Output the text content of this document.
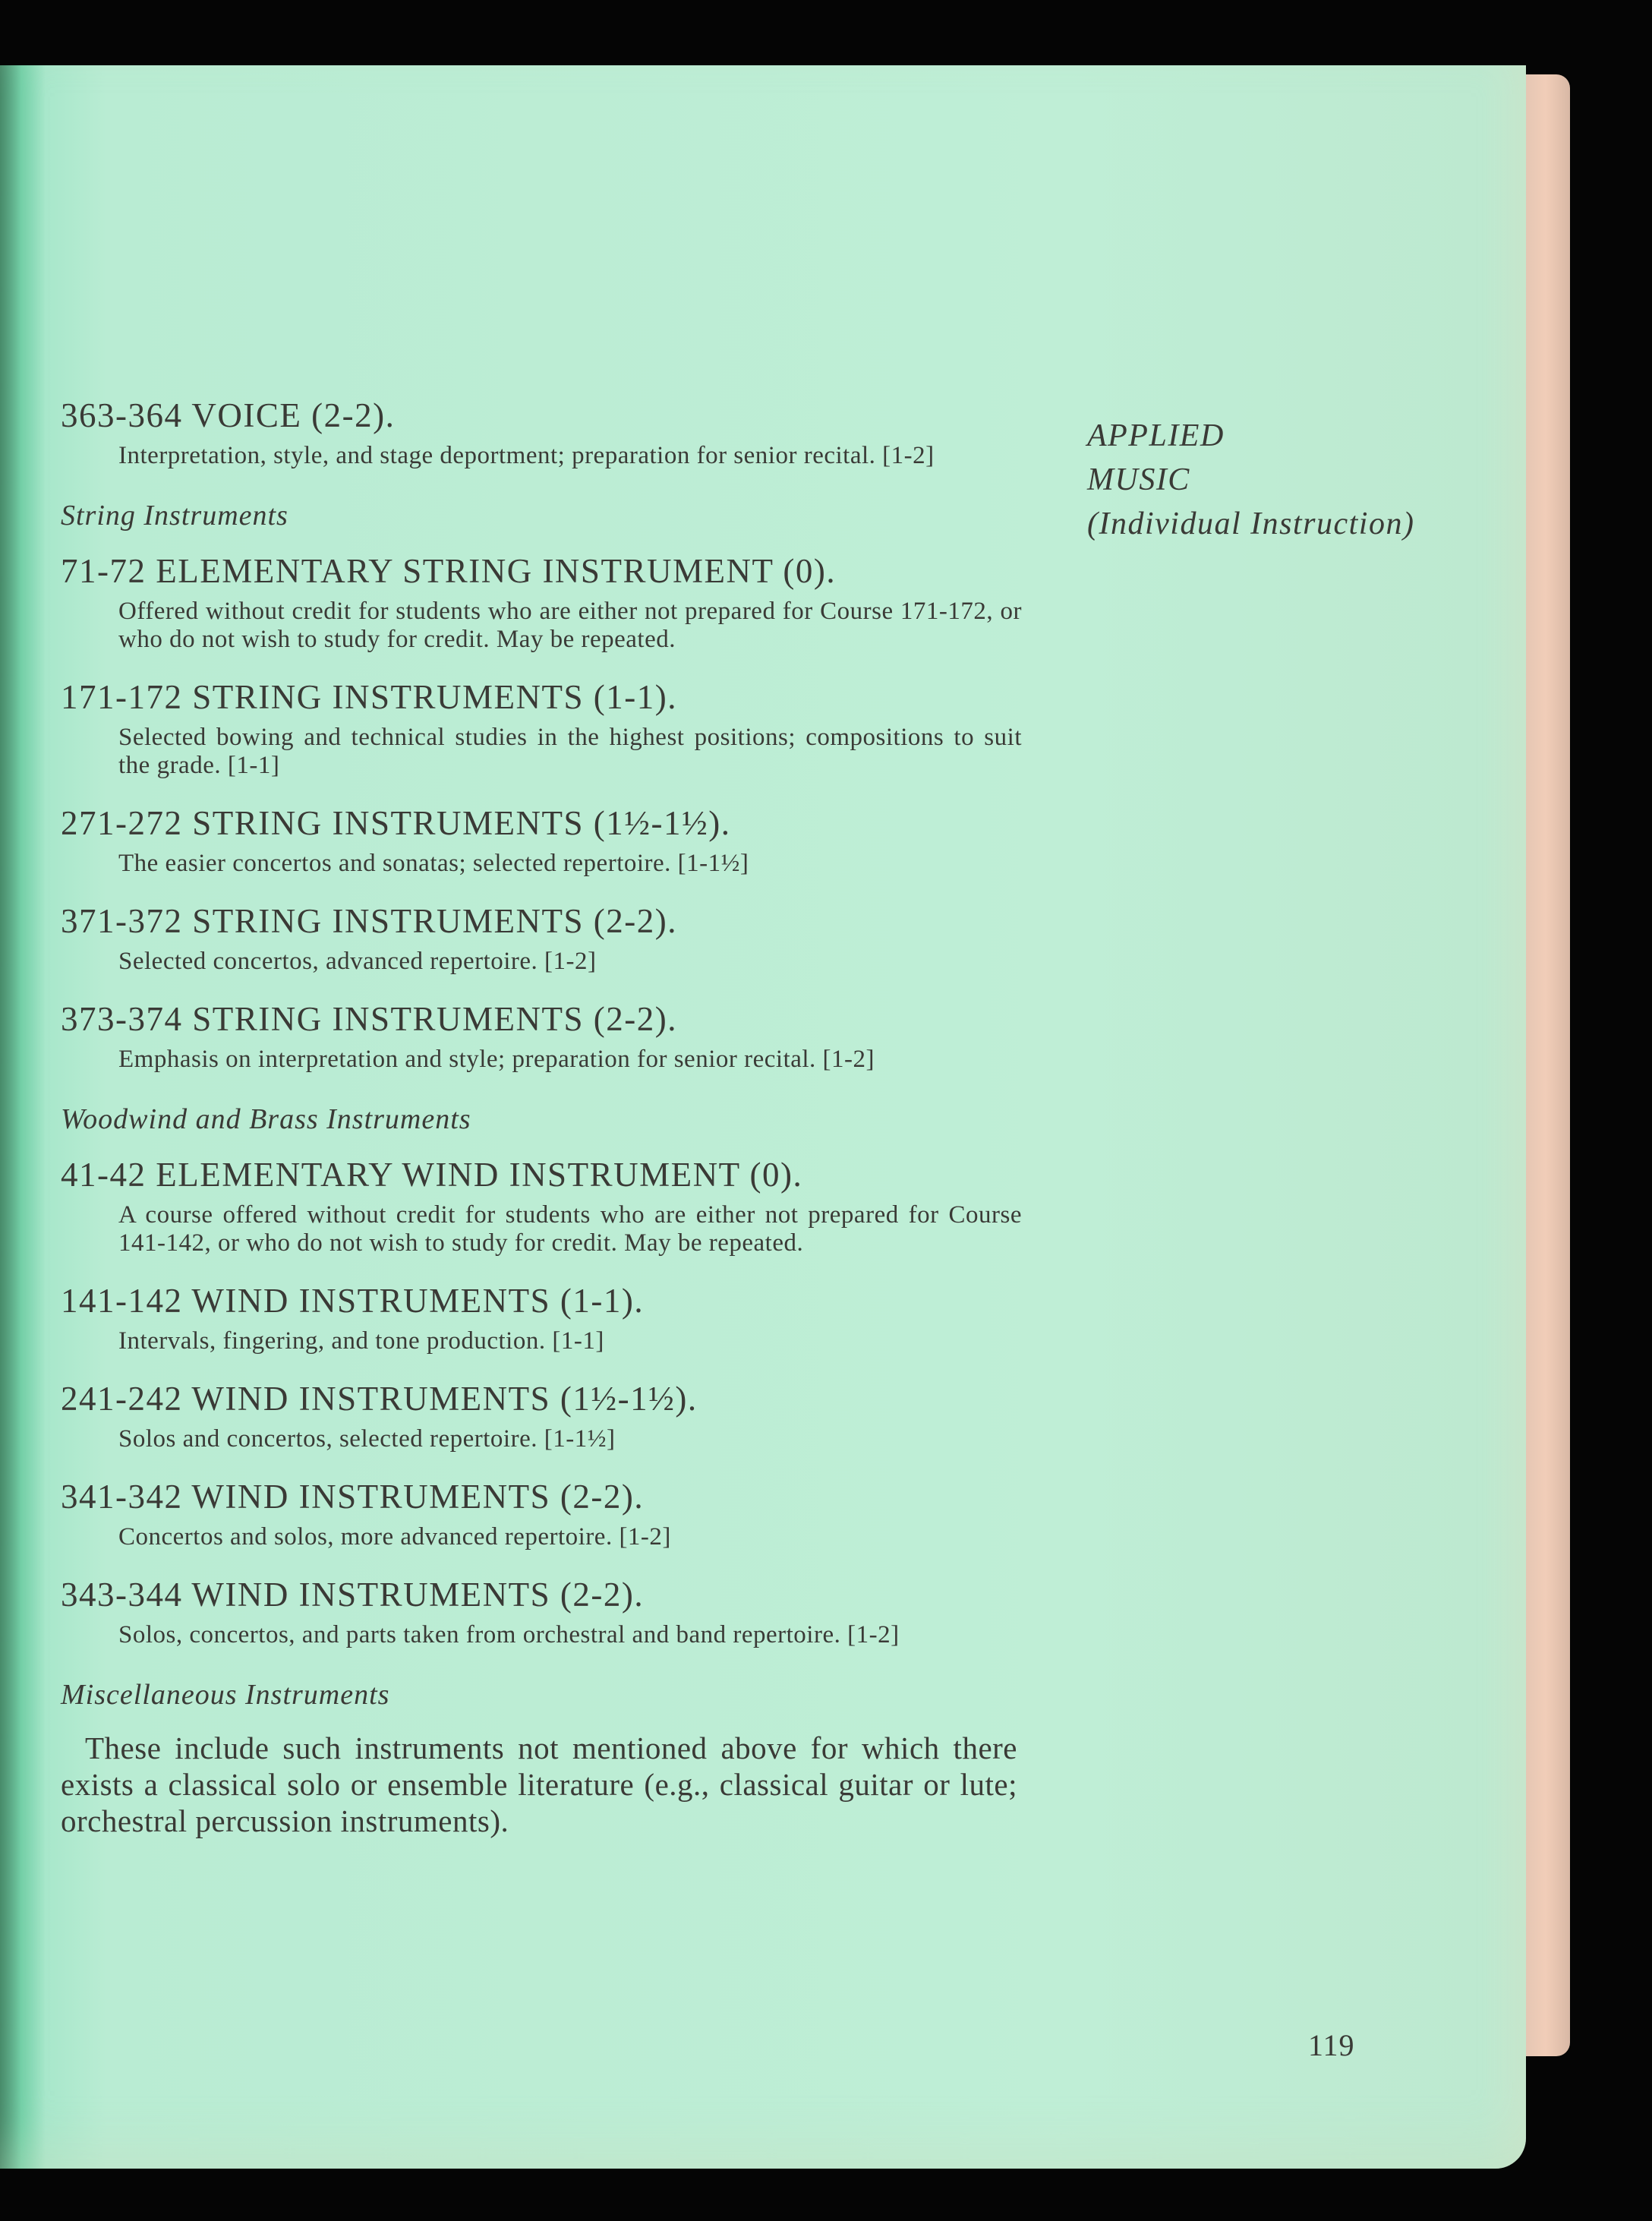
APPLIED
MUSIC
(Individual Instruction)

363-364 VOICE (2-2).

Interpretation, style, and stage deportment; preparation for senior recital. [1-2]
String Instruments

71-72 ELEMENTARY STRING INSTRUMENT (0).

Offered without credit for students who are either not prepared for Course 171-172, or who do not wish to study for credit. May be repeated.

171-172 STRING INSTRUMENTS (1-1).

Selected bowing and technical studies in the highest positions; compositions to suit the grade. [1-1]

271-272 STRING INSTRUMENTS (1½-1½).

The easier concertos and sonatas; selected repertoire. [1-1½]

371-372 STRING INSTRUMENTS (2-2).

Selected concertos, advanced repertoire. [1-2]

373-374 STRING INSTRUMENTS (2-2).

Emphasis on interpretation and style; preparation for senior recital. [1-2]
Woodwind and Brass Instruments

41-42 ELEMENTARY WIND INSTRUMENT (0).

A course offered without credit for students who are either not prepared for Course 141-142, or who do not wish to study for credit. May be repeated.

141-142 WIND INSTRUMENTS (1-1).

Intervals, fingering, and tone production. [1-1]

241-242 WIND INSTRUMENTS (1½-1½).

Solos and concertos, selected repertoire. [1-1½]

341-342 WIND INSTRUMENTS (2-2).

Concertos and solos, more advanced repertoire. [1-2]

343-344 WIND INSTRUMENTS (2-2).

Solos, concertos, and parts taken from orchestral and band repertoire. [1-2]
Miscellaneous Instruments
These include such instruments not mentioned above for which there exists a classical solo or ensemble literature (e.g., classical guitar or lute; orchestral percussion instruments).
119
